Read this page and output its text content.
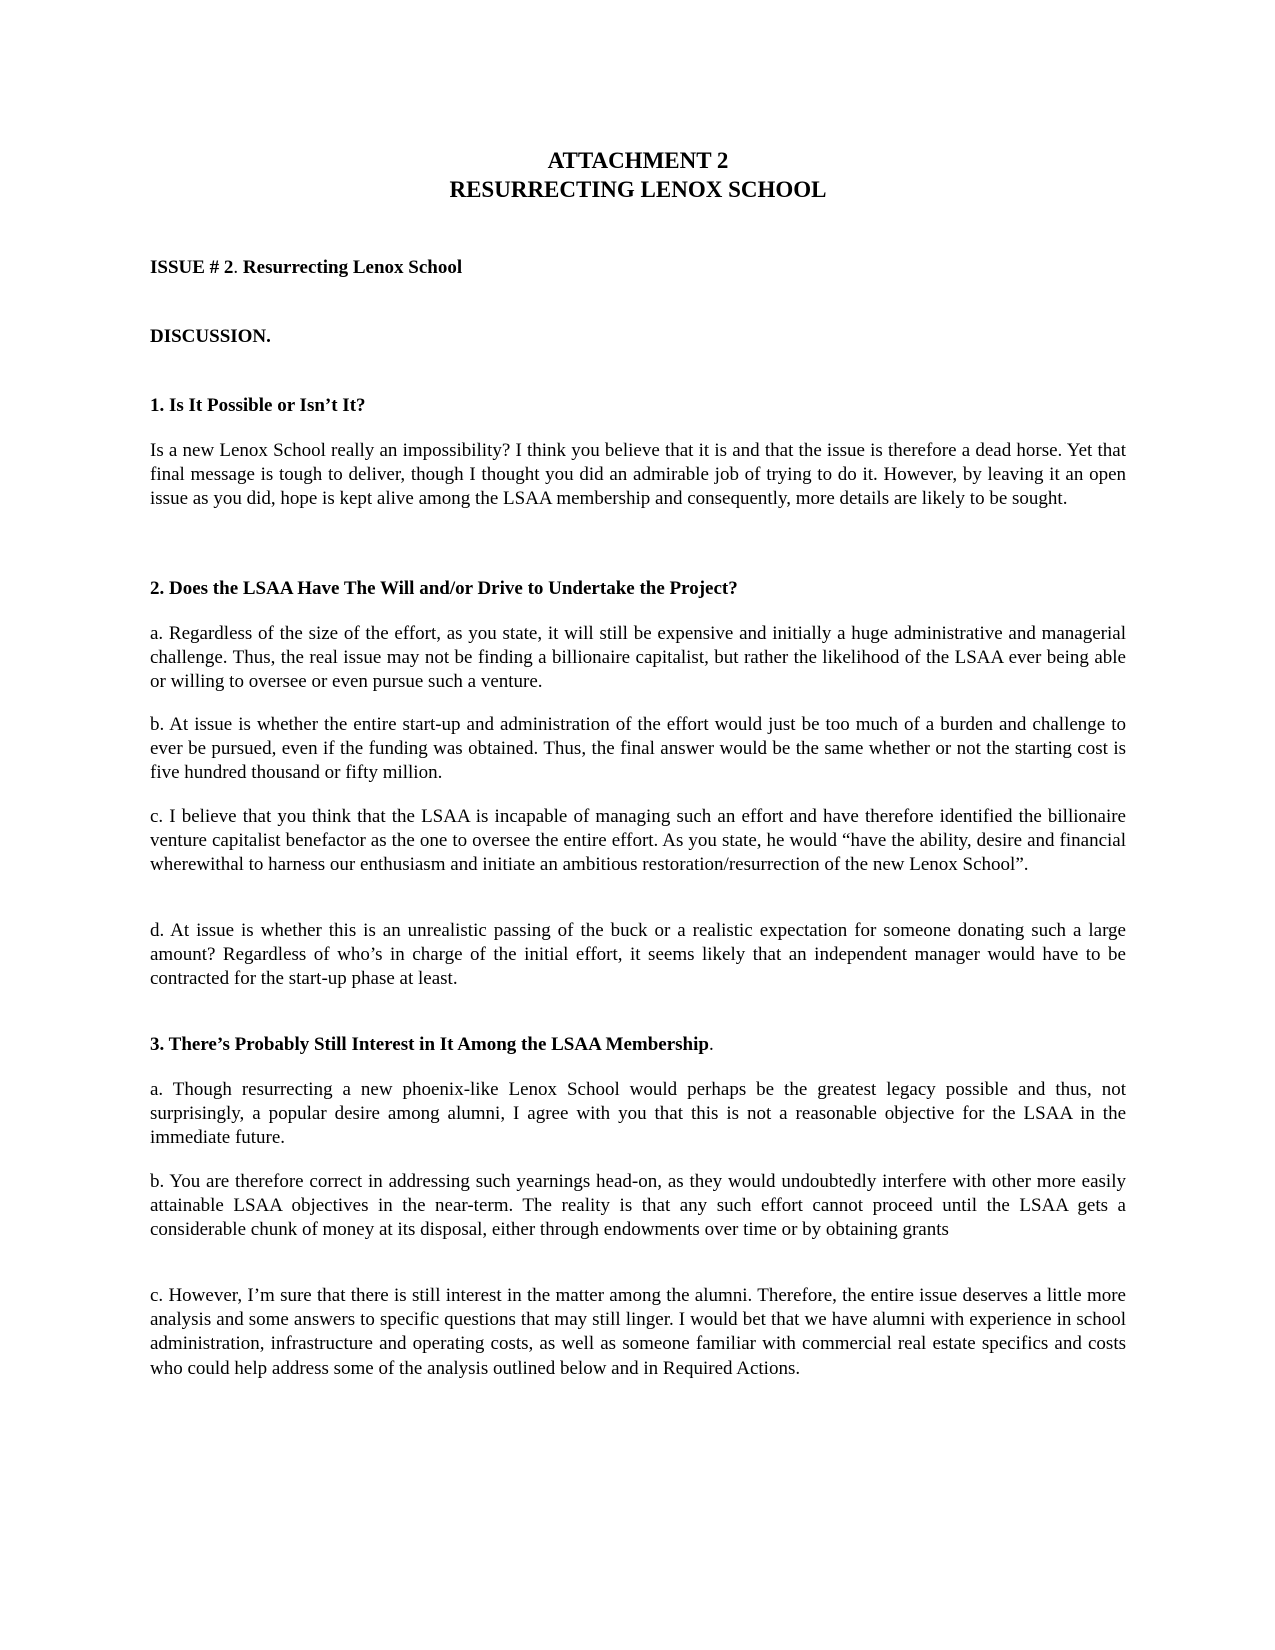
ATTACHMENT 2
RESURRECTING LENOX SCHOOL
ISSUE # 2. Resurrecting Lenox School
DISCUSSION.
1. Is It Possible or Isn’t It?
Is a new Lenox School really an impossibility? I think you believe that it is and that the issue is therefore a dead horse. Yet that final message is tough to deliver, though I thought you did an admirable job of trying to do it. However, by leaving it an open issue as you did, hope is kept alive among the LSAA membership and consequently, more details are likely to be sought.
2. Does the LSAA Have The Will and/or Drive to Undertake the Project?
a. Regardless of the size of the effort, as you state, it will still be expensive and initially a huge administrative and managerial challenge. Thus, the real issue may not be finding a billionaire capitalist, but rather the likelihood of the LSAA ever being able or willing to oversee or even pursue such a venture.
b. At issue is whether the entire start-up and administration of the effort would just be too much of a burden and challenge to ever be pursued, even if the funding was obtained. Thus, the final answer would be the same whether or not the starting cost is five hundred thousand or fifty million.
c. I believe that you think that the LSAA is incapable of managing such an effort and have therefore identified the billionaire venture capitalist benefactor as the one to oversee the entire effort. As you state, he would “have the ability, desire and financial wherewithal to harness our enthusiasm and initiate an ambitious restoration/resurrection of the new Lenox School”.
d. At issue is whether this is an unrealistic passing of the buck or a realistic expectation for someone donating such a large amount? Regardless of who’s in charge of the initial effort, it seems likely that an independent manager would have to be contracted for the start-up phase at least.
3. There’s Probably Still Interest in It Among the LSAA Membership.
a. Though resurrecting a new phoenix-like Lenox School would perhaps be the greatest legacy possible and thus, not surprisingly, a popular desire among alumni, I agree with you that this is not a reasonable objective for the LSAA in the immediate future.
b. You are therefore correct in addressing such yearnings head-on, as they would undoubtedly interfere with other more easily attainable LSAA objectives in the near-term. The reality is that any such effort cannot proceed until the LSAA gets a considerable chunk of money at its disposal, either through endowments over time or by obtaining grants
c. However, I’m sure that there is still interest in the matter among the alumni. Therefore, the entire issue deserves a little more analysis and some answers to specific questions that may still linger. I would bet that we have alumni with experience in school administration, infrastructure and operating costs, as well as someone familiar with commercial real estate specifics and costs who could help address some of the analysis outlined below and in Required Actions.
